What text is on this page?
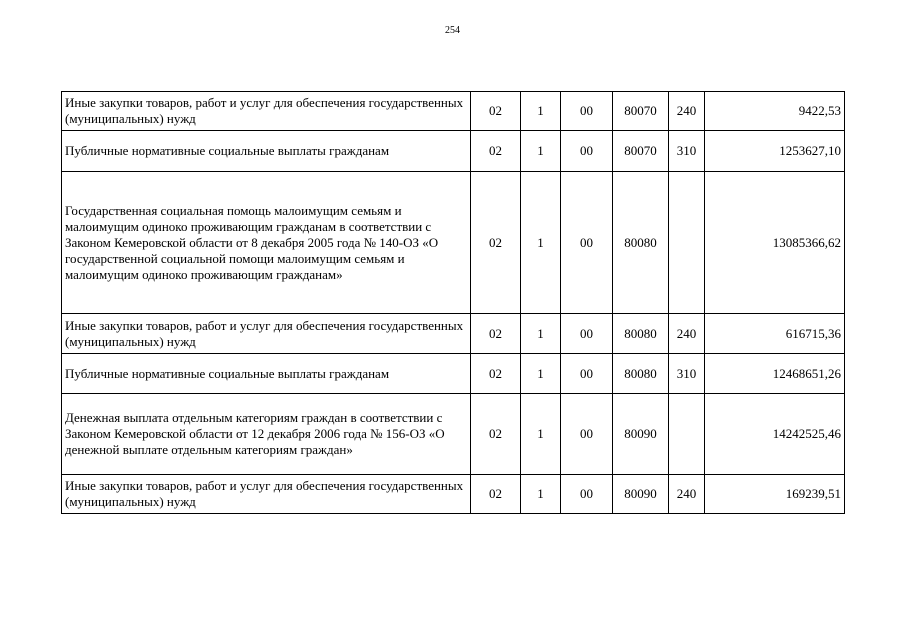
254
Иные закупки товаров, работ и услуг для обеспечения государственных (муниципальных) нужд	02	1	00	80070	240	9422,53
Публичные нормативные социальные выплаты гражданам	02	1	00	80070	310	1253627,10
Государственная социальная помощь малоимущим семьям и малоимущим одиноко проживающим гражданам в соответствии с Законом Кемеровской области от 8 декабря 2005 года № 140-ОЗ «О государственной социальной помощи малоимущим семьям и малоимущим одиноко проживающим гражданам»	02	1	00	80080		13085366,62
Иные закупки товаров, работ и услуг для обеспечения государственных (муниципальных) нужд	02	1	00	80080	240	616715,36
Публичные нормативные социальные выплаты гражданам	02	1	00	80080	310	12468651,26
Денежная выплата отдельным категориям граждан в соответствии с Законом Кемеровской области от 12 декабря 2006 года № 156-ОЗ «О денежной выплате отдельным категориям граждан»	02	1	00	80090		14242525,46
Иные закупки товаров, работ и услуг для обеспечения государственных (муниципальных) нужд	02	1	00	80090	240	169239,51
